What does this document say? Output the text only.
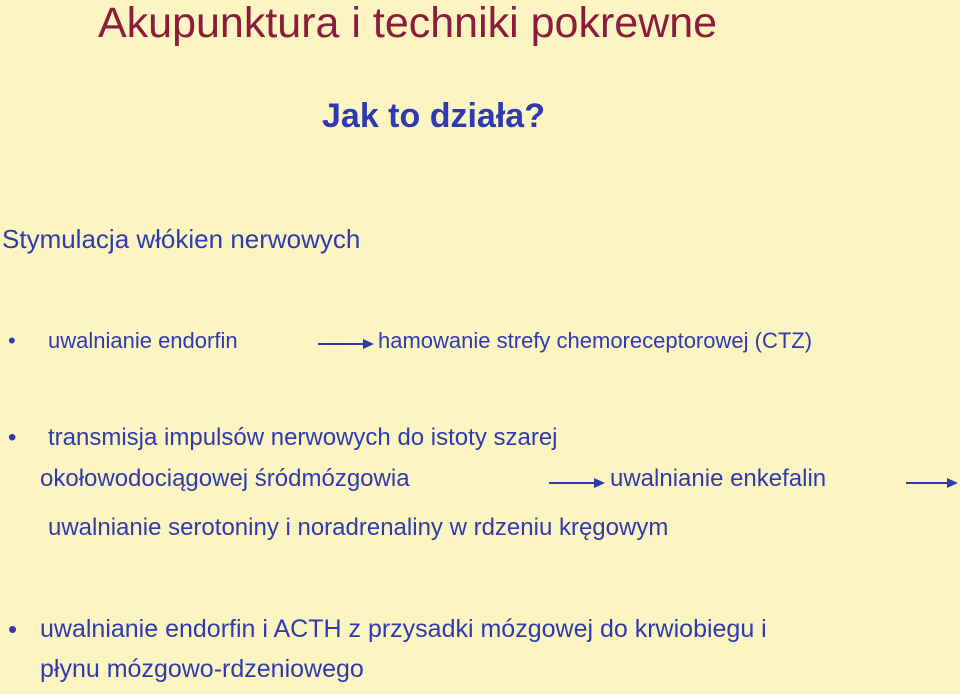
Akupunktura i techniki pokrewne
Jak to działa?
Stymulacja włókien nerwowych
• uwalnianie endorfin	hamowanie strefy chemoreceptorowej (CTZ)
• transmisja impulsów nerwowych do istoty szarej
okołowodociągowej śródmózgowia	uwalnianie enkefalin
uwalnianie serotoniny i noradrenaliny w rdzeniu kręgowym
• uwalnianie endorfin i ACTH z przysadki mózgowej do krwiobiegu i
płynu mózgowo-rdzeniowego
